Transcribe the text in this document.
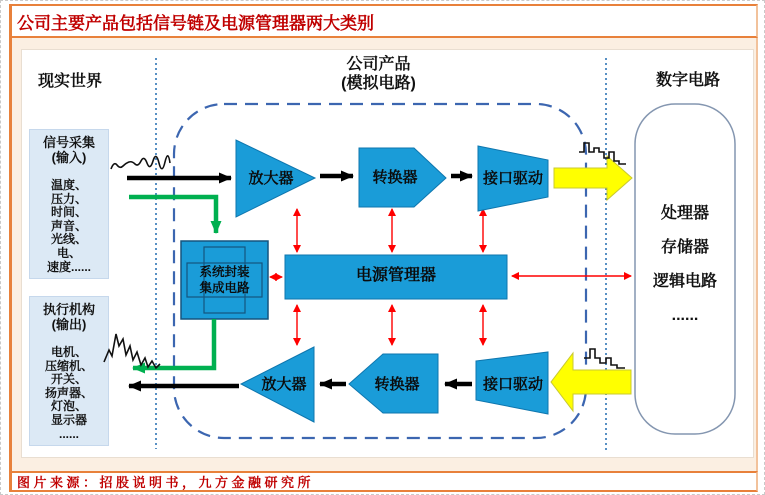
公司主要产品包括信号链及电源管理器两大类别
现实世界
公司产品
(模拟电路)	数字电路
信号采集
(输入)
温度、
压力、
时间、
声音、
光线、
电、
速度......
执行机构
(输出)
电机、
压缩机、
开关、
扬声器、
灯泡、
显示器
......
放大器	转换器	接口驱动
电源管理器
系统封装
集成电路
放大器	转换器	接口驱动
处理器
存储器
逻辑电路
......
图片来源：招股说明书，九方金融研究所
